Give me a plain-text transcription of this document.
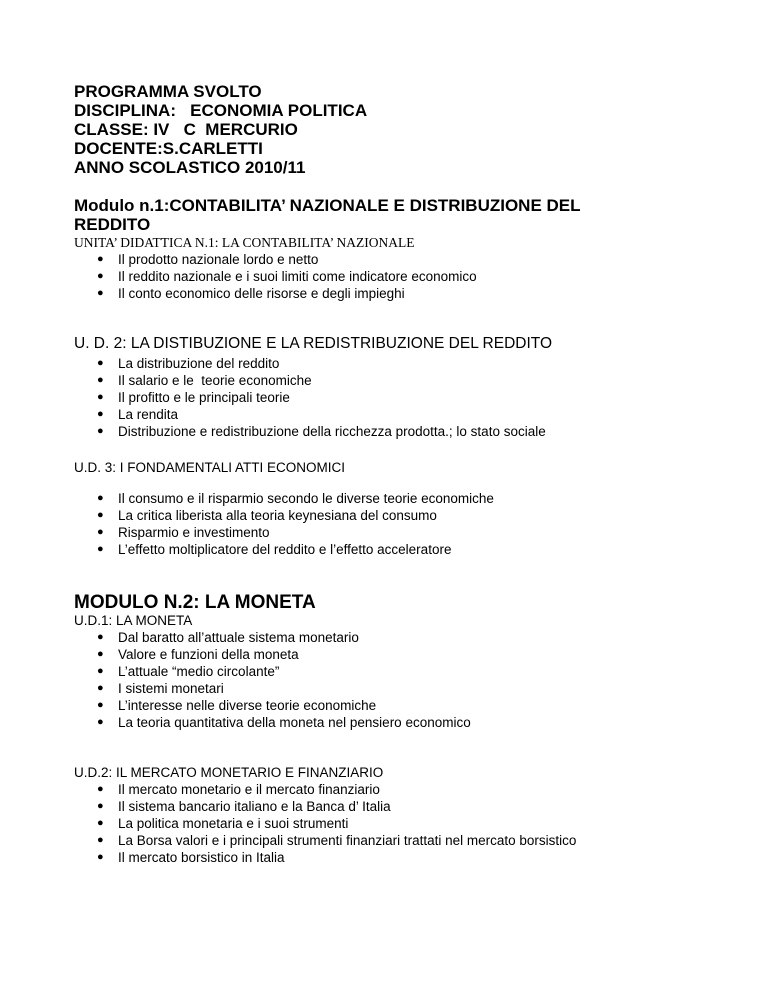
PROGRAMMA SVOLTO

DISCIPLINA:   ECONOMIA POLITICA

CLASSE: IV   C  MERCURIO

DOCENTE:S.CARLETTI

ANNO SCOLASTICO 2010/11

Modulo n.1:CONTABILITA’ NAZIONALE E DISTRIBUZIONE DEL REDDITO

UNITA’ DIDATTICA N.1: LA CONTABILITA’ NAZIONALE

● Il prodotto nazionale lordo e netto
● Il reddito nazionale e i suoi limiti come indicatore economico
● Il conto economico delle risorse e degli impieghi

U. D. 2: LA DISTIBUZIONE E LA REDISTRIBUZIONE DEL REDDITO

● La distribuzione del reddito
● Il salario e le  teorie economiche
● Il profitto e le principali teorie
● La rendita
● Distribuzione e redistribuzione della ricchezza prodotta.; lo stato sociale

U.D. 3: I FONDAMENTALI ATTI ECONOMICI

● Il consumo e il risparmio secondo le diverse teorie economiche
● La critica liberista alla teoria keynesiana del consumo
● Risparmio e investimento
● L’effetto moltiplicatore del reddito e l’effetto acceleratore

MODULO N.2: LA MONETA

U.D.1: LA MONETA

● Dal baratto all’attuale sistema monetario
● Valore e funzioni della moneta
● L’attuale “medio circolante”
● I sistemi monetari
● L’interesse nelle diverse teorie economiche
● La teoria quantitativa della moneta nel pensiero economico

U.D.2: IL MERCATO MONETARIO E FINANZIARIO

● Il mercato monetario e il mercato finanziario
● Il sistema bancario italiano e la Banca d’ Italia
● La politica monetaria e i suoi strumenti
● La Borsa valori e i principali strumenti finanziari trattati nel mercato borsistico
● Il mercato borsistico in Italia
